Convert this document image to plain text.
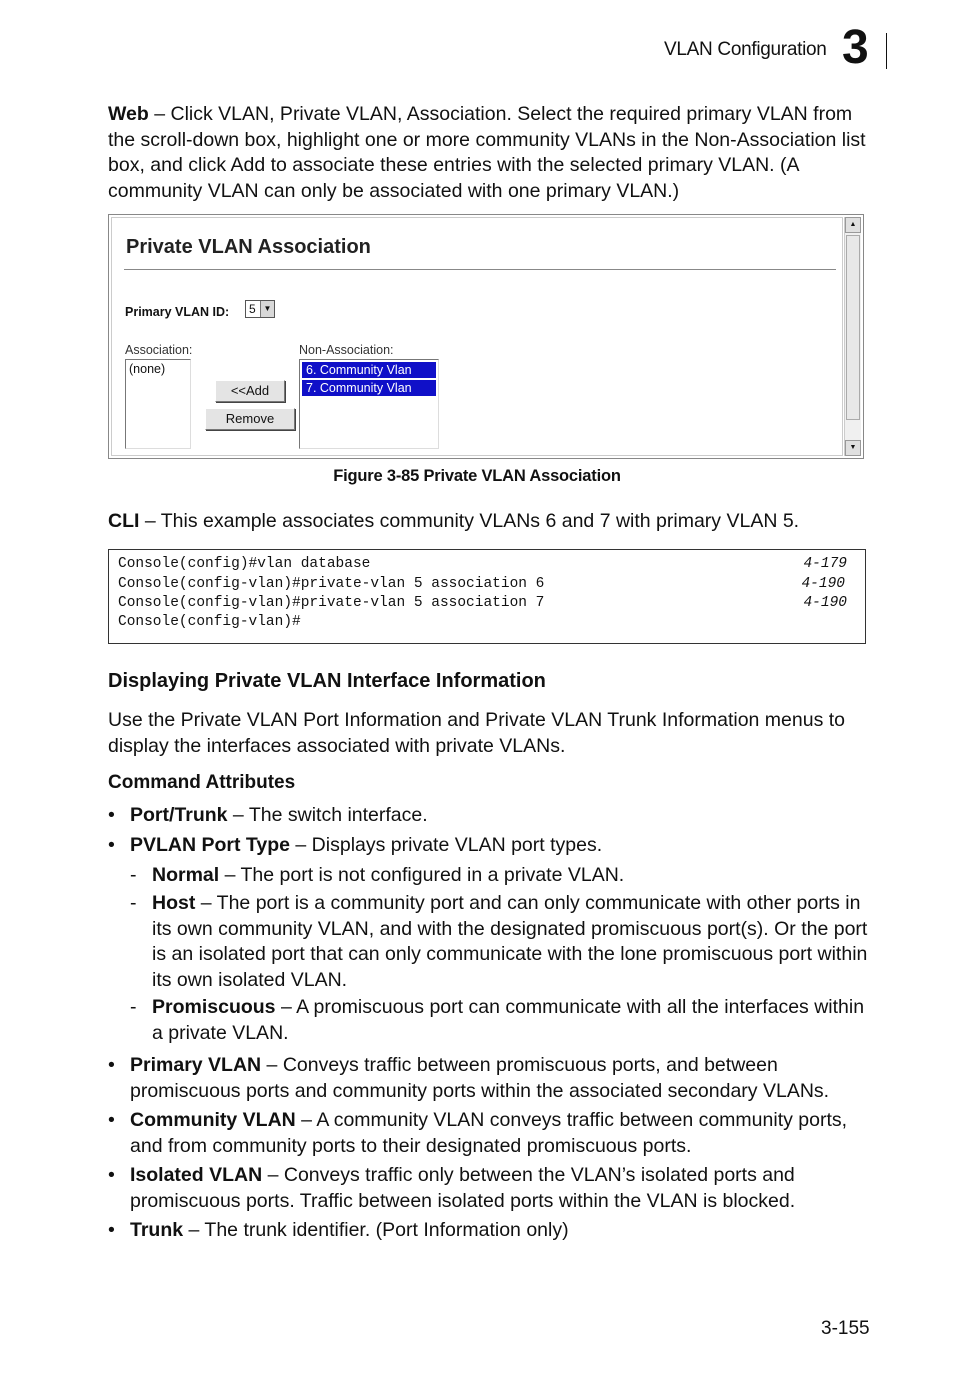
VLAN Configuration 3

Web – Click VLAN, Private VLAN, Association. Select the required primary VLAN from the scroll-down box, highlight one or more community VLANs in the Non-Association list box, and click Add to associate these entries with the selected primary VLAN. (A community VLAN can only be associated with one primary VLAN.)

Private VLAN Association
Primary VLAN ID: 5 ▼
Association:
(none)
Non-Association:
6. Community Vlan
7. Community Vlan
<<Add
Remove
▲
▼
Figure 3-85 Private VLAN Association

CLI – This example associates community VLANs 6 and 7 with primary VLAN 5.

Console(config)#vlan database	4-179
Console(config-vlan)#private-vlan 5 association 6	4-190
Console(config-vlan)#private-vlan 5 association 7	4-190
Console(config-vlan)#
Displaying Private VLAN Interface Information

Use the Private VLAN Port Information and Private VLAN Trunk Information menus to display the interfaces associated with private VLANs.

Command Attributes
• Port/Trunk – The switch interface.
• PVLAN Port Type – Displays private VLAN port types.
- Normal – The port is not configured in a private VLAN.
- Host – The port is a community port and can only communicate with other ports in its own community VLAN, and with the designated promiscuous port(s). Or the port is an isolated port that can only communicate with the lone promiscuous port within its own isolated VLAN.
- Promiscuous – A promiscuous port can communicate with all the interfaces within a private VLAN.
• Primary VLAN – Conveys traffic between promiscuous ports, and between promiscuous ports and community ports within the associated secondary VLANs.
• Community VLAN – A community VLAN conveys traffic between community ports, and from community ports to their designated promiscuous ports.
• Isolated VLAN – Conveys traffic only between the VLAN’s isolated ports and promiscuous ports. Traffic between isolated ports within the VLAN is blocked.
• Trunk – The trunk identifier. (Port Information only)
3-155
